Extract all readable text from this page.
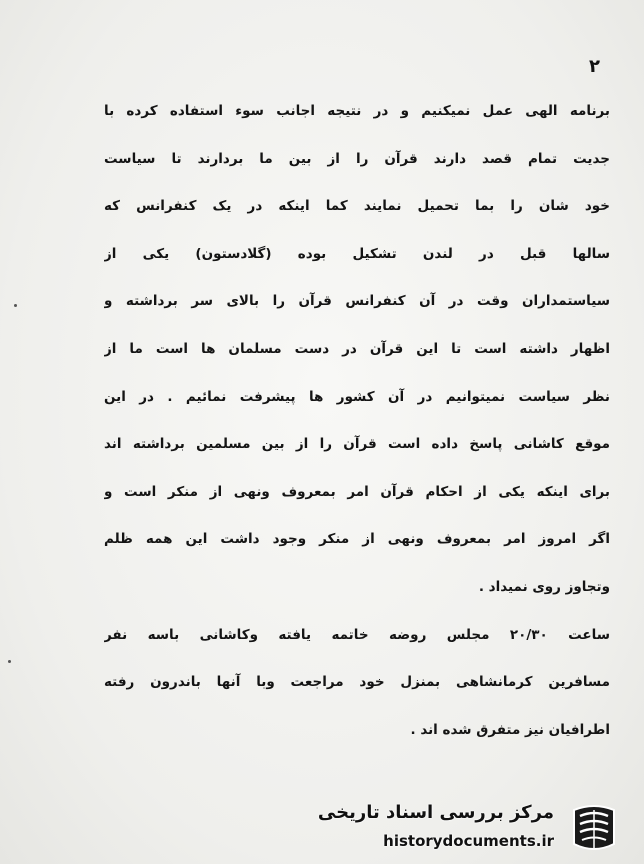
۲
برنامه الهی عمل نمیکنیم و در نتیجه اجانب سوء استفاده کرده با
جدیت تمام قصد دارند قرآن را از بین ما بردارند تا سیاست
خود شان را بما تحمیل نمایند کما اینکه در یک کنفرانس که
سالها قبل در لندن تشکیل بوده (گلادستون) یکی از
سیاستمداران وقت در آن کنفرانس قرآن را بالای سر برداشته و
اظهار داشته است تا این قرآن در دست مسلمان ها است ما از
نظر سیاست نمیتوانیم در آن کشور ها پیشرفت نمائیم . در این
موقع کاشانی پاسخ داده است قرآن را از بین مسلمین برداشته اند
برای اینکه یکی از احکام قرآن امر بمعروف ونهی از منکر است و
اگر امروز امر بمعروف ونهی از منکر وجود داشت این همه ظلم
وتجاوز روی نمیداد .
ساعت ۲۰/۳۰ مجلس روضه خاتمه یافته وکاشانی باسه نفر
مسافرین کرمانشاهی بمنزل خود مراجعت وبا آنها باندرون رفته
اطرافیان نیز متفرق شده اند .
مرکز بررسی اسناد تاریخی
historydocuments.ir
